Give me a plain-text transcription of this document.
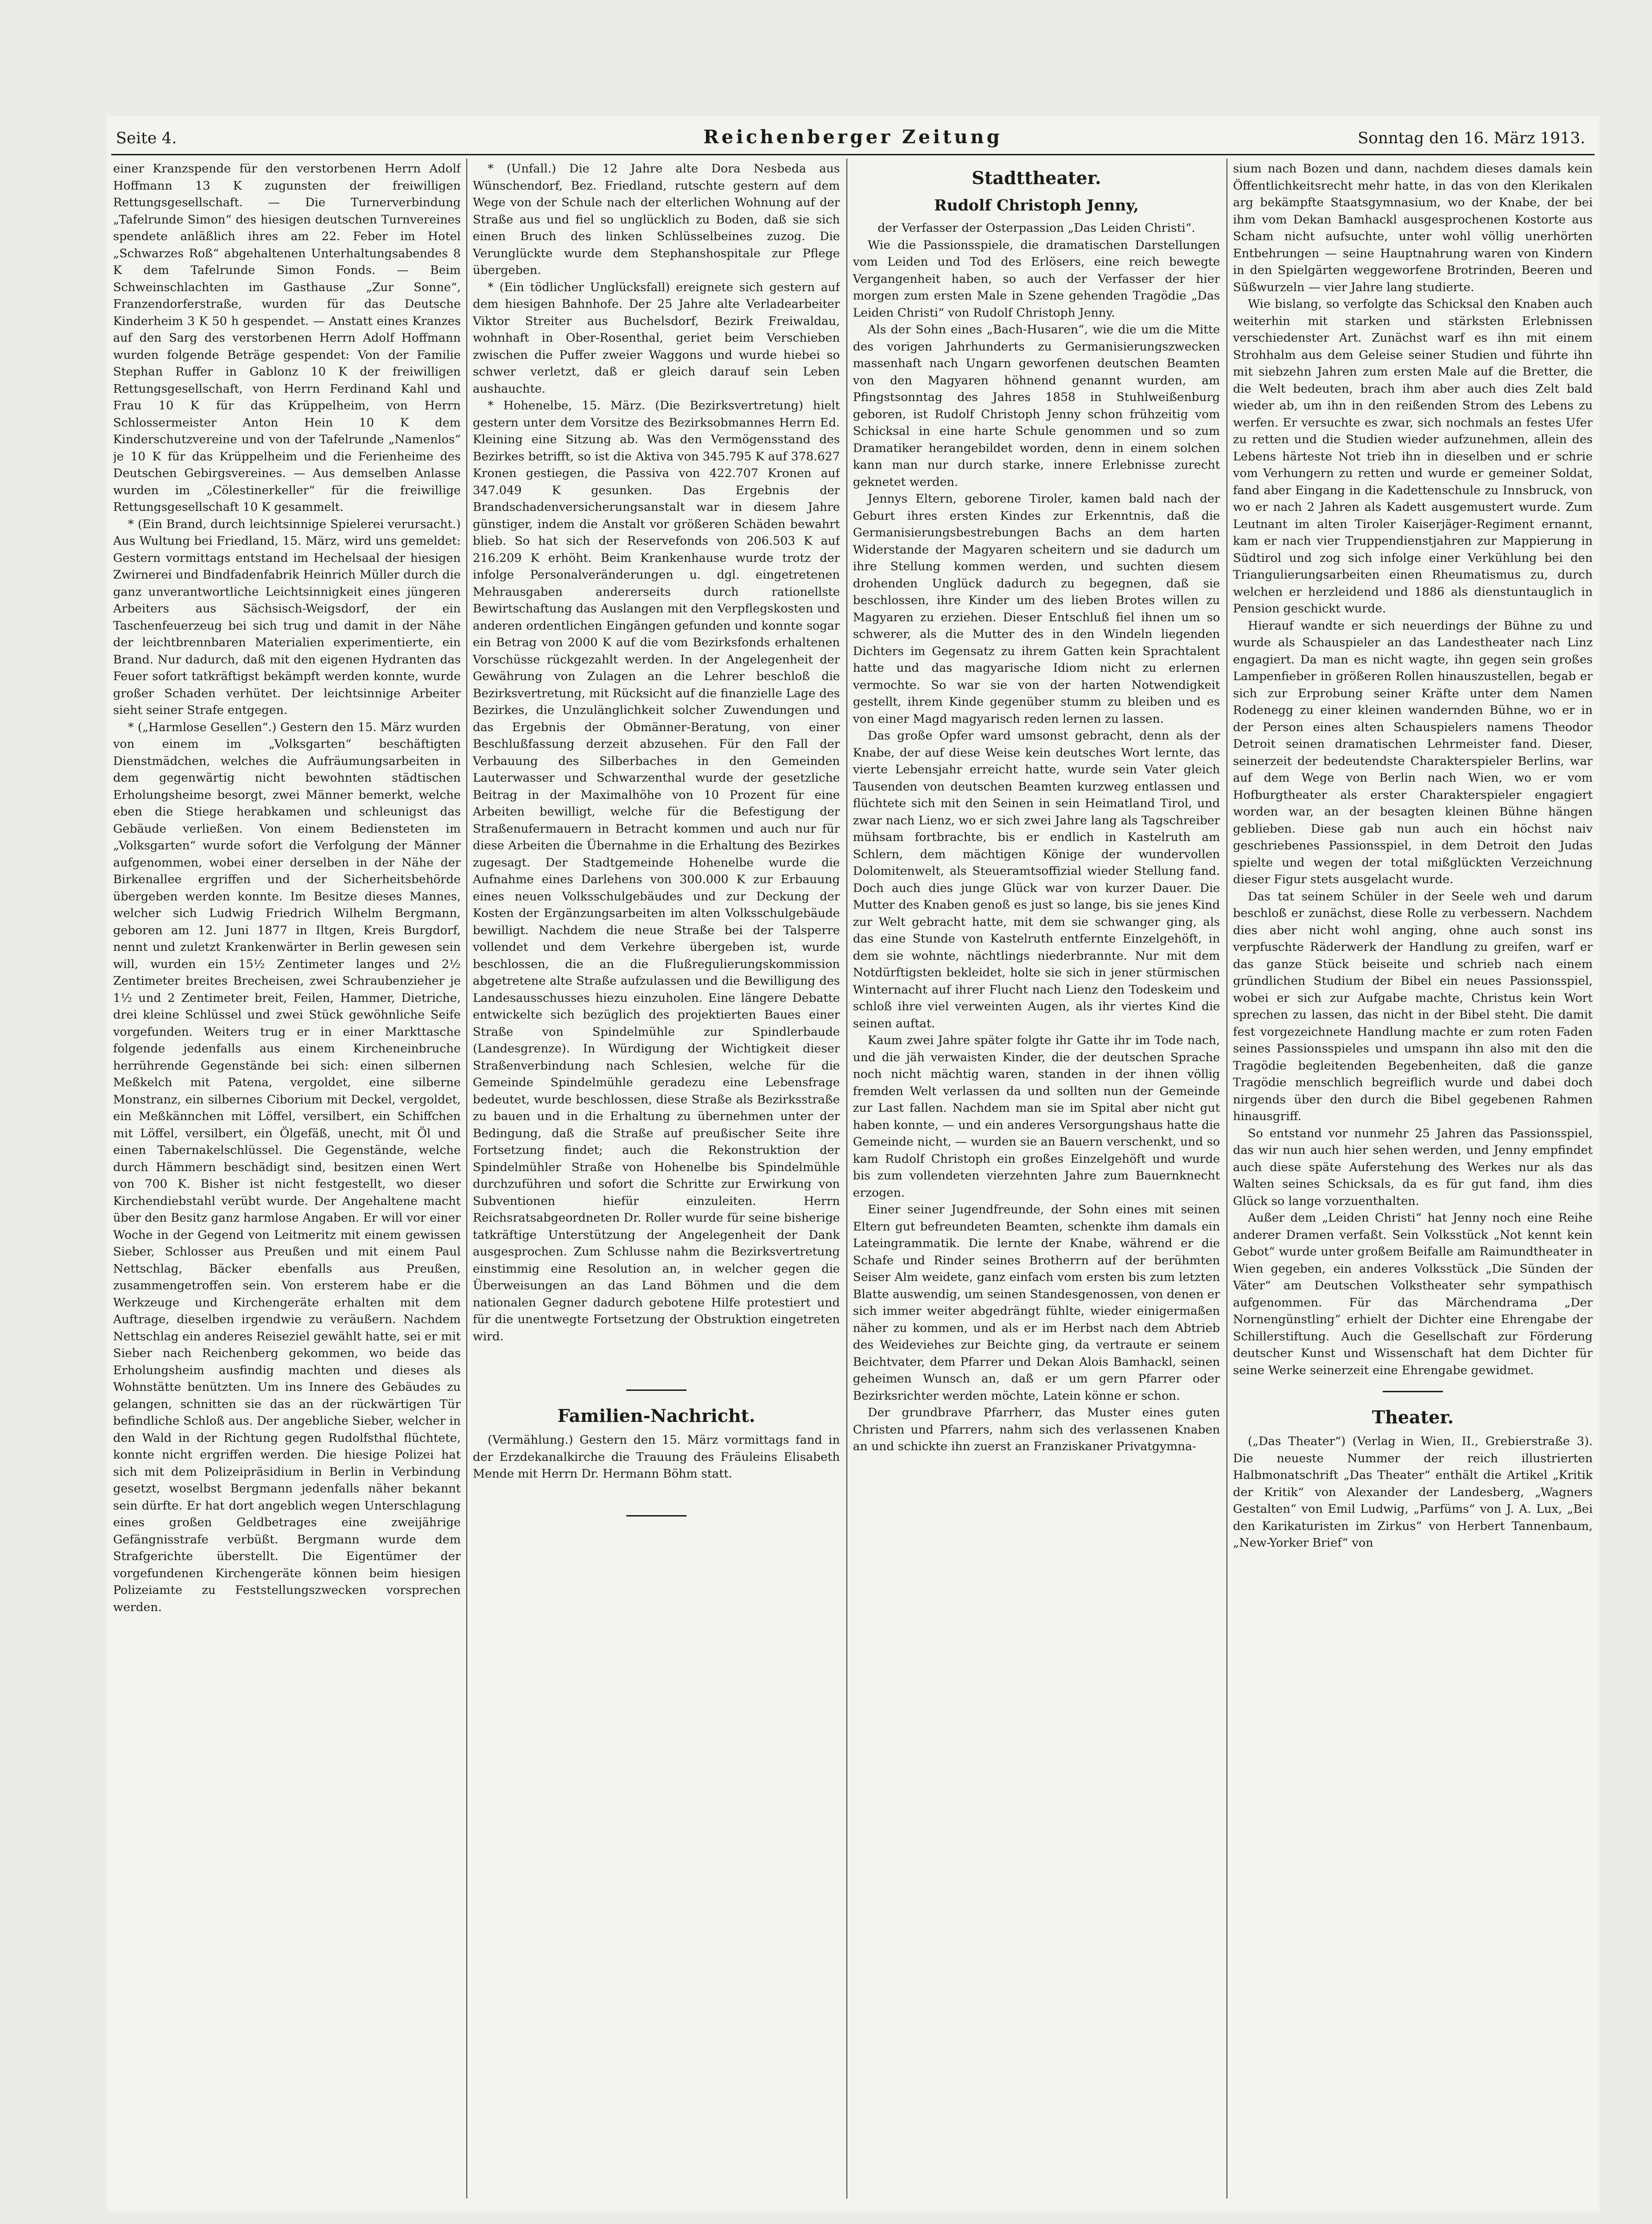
Seite 4.	Reichenberger Zeitung	Sonntag den 16. März 1913.

einer Kranzspende für den verstorbenen Herrn Adolf Hoffmann 13 K zugunsten der freiwilligen Rettungsgesellschaft. — Die Turnerverbindung „Tafelrunde Simon“ des hiesigen deutschen Turnvereines spendete anläßlich ihres am 22. Feber im Hotel „Schwarzes Roß“ abgehaltenen Unterhaltungsabendes 8 K dem Tafelrunde Simon Fonds. — Beim Schweinschlachten im Gasthause „Zur Sonne“, Franzendorferstraße, wurden für das Deutsche Kinderheim 3 K 50 h gespendet. — Anstatt eines Kranzes auf den Sarg des verstorbenen Herrn Adolf Hoffmann wurden folgende Beträge gespendet: Von der Familie Stephan Ruffer in Gablonz 10 K der freiwilligen Rettungsgesellschaft, von Herrn Ferdinand Kahl und Frau 10 K für das Krüppelheim, von Herrn Schlossermeister Anton Hein 10 K dem Kinderschutzvereine und von der Tafelrunde „Namenlos“ je 10 K für das Krüppelheim und die Ferienheime des Deutschen Gebirgsvereines. — Aus demselben Anlasse wurden im „Cölestinerkeller“ für die freiwillige Rettungsgesellschaft 10 K gesammelt.

* (Ein Brand, durch leichtsinnige Spielerei verursacht.) Aus Wultung bei Friedland, 15. März, wird uns gemeldet: Gestern vormittags entstand im Hechelsaal der hiesigen Zwirnerei und Bindfadenfabrik Heinrich Müller durch die ganz unverantwortliche Leichtsinnigkeit eines jüngeren Arbeiters aus Sächsisch-Weigsdorf, der ein Taschenfeuerzeug bei sich trug und damit in der Nähe der leichtbrennbaren Materialien experimentierte, ein Brand. Nur dadurch, daß mit den eigenen Hydranten das Feuer sofort tatkräftigst bekämpft werden konnte, wurde großer Schaden verhütet. Der leichtsinnige Arbeiter sieht seiner Strafe entgegen.

* („Harmlose Gesellen“.) Gestern den 15. März wurden von einem im „Volksgarten“ beschäftigten Dienstmädchen, welches die Aufräumungsarbeiten in dem gegenwärtig nicht bewohnten städtischen Erholungsheime besorgt, zwei Männer bemerkt, welche eben die Stiege herabkamen und schleunigst das Gebäude verließen. Von einem Bediensteten im „Volksgarten“ wurde sofort die Verfolgung der Männer aufgenommen, wobei einer derselben in der Nähe der Birkenallee ergriffen und der Sicherheitsbehörde übergeben werden konnte. Im Besitze dieses Mannes, welcher sich Ludwig Friedrich Wilhelm Bergmann, geboren am 12. Juni 1877 in Iltgen, Kreis Burgdorf, nennt und zuletzt Krankenwärter in Berlin gewesen sein will, wurden ein 15½ Zentimeter langes und 2½ Zentimeter breites Brecheisen, zwei Schraubenzieher je 1½ und 2 Zentimeter breit, Feilen, Hammer, Dietriche, drei kleine Schlüssel und zwei Stück gewöhnliche Seife vorgefunden. Weiters trug er in einer Markttasche folgende jedenfalls aus einem Kircheneinbruche herrührende Gegenstände bei sich: einen silbernen Meßkelch mit Patena, vergoldet, eine silberne Monstranz, ein silbernes Ciborium mit Deckel, vergoldet, ein Meßkännchen mit Löffel, versilbert, ein Schiffchen mit Löffel, versilbert, ein Ölgefäß, unecht, mit Öl und einen Tabernakelschlüssel. Die Gegenstände, welche durch Hämmern beschädigt sind, besitzen einen Wert von 700 K. Bisher ist nicht festgestellt, wo dieser Kirchendiebstahl verübt wurde. Der Angehaltene macht über den Besitz ganz harmlose Angaben. Er will vor einer Woche in der Gegend von Leitmeritz mit einem gewissen Sieber, Schlosser aus Preußen und mit einem Paul Nettschlag, Bäcker ebenfalls aus Preußen, zusammengetroffen sein. Von ersterem habe er die Werkzeuge und Kirchengeräte erhalten mit dem Auftrage, dieselben irgendwie zu veräußern. Nachdem Nettschlag ein anderes Reiseziel gewählt hatte, sei er mit Sieber nach Reichenberg gekommen, wo beide das Erholungsheim ausfindig machten und dieses als Wohnstätte benützten. Um ins Innere des Gebäudes zu gelangen, schnitten sie das an der rückwärtigen Tür befindliche Schloß aus. Der angebliche Sieber, welcher in den Wald in der Richtung gegen Rudolfsthal flüchtete, konnte nicht ergriffen werden. Die hiesige Polizei hat sich mit dem Polizeipräsidium in Berlin in Verbindung gesetzt, woselbst Bergmann jedenfalls näher bekannt sein dürfte. Er hat dort angeblich wegen Unterschlagung eines großen Geldbetrages eine zweijährige Gefängnisstrafe verbüßt. Bergmann wurde dem Strafgerichte überstellt. Die Eigentümer der vorgefundenen Kirchengeräte können beim hiesigen Polizeiamte zu Feststellungszwecken vorsprechen werden.

* (Unfall.) Die 12 Jahre alte Dora Nesbeda aus Wünschendorf, Bez. Friedland, rutschte gestern auf dem Wege von der Schule nach der elterlichen Wohnung auf der Straße aus und fiel so unglücklich zu Boden, daß sie sich einen Bruch des linken Schlüsselbeines zuzog. Die Verunglückte wurde dem Stephanshospitale zur Pflege übergeben.

* (Ein tödlicher Unglücksfall) ereignete sich gestern auf dem hiesigen Bahnhofe. Der 25 Jahre alte Verladearbeiter Viktor Streiter aus Buchelsdorf, Bezirk Freiwaldau, wohnhaft in Ober-Rosenthal, geriet beim Verschieben zwischen die Puffer zweier Waggons und wurde hiebei so schwer verletzt, daß er gleich darauf sein Leben aushauchte.

* Hohenelbe, 15. März. (Die Bezirksvertretung) hielt gestern unter dem Vorsitze des Bezirksobmannes Herrn Ed. Kleining eine Sitzung ab. Was den Vermögensstand des Bezirkes betrifft, so ist die Aktiva von 345.795 K auf 378.627 Kronen gestiegen, die Passiva von 422.707 Kronen auf 347.049 K gesunken. Das Ergebnis der Brandschadenversicherungsanstalt war in diesem Jahre günstiger, indem die Anstalt vor größeren Schäden bewahrt blieb. So hat sich der Reservefonds von 206.503 K auf 216.209 K erhöht. Beim Krankenhause wurde trotz der infolge Personalveränderungen u. dgl. eingetretenen Mehrausgaben andererseits durch rationellste Bewirtschaftung das Auslangen mit den Verpflegskosten und anderen ordentlichen Eingängen gefunden und konnte sogar ein Betrag von 2000 K auf die vom Bezirksfonds erhaltenen Vorschüsse rückgezahlt werden. In der Angelegenheit der Gewährung von Zulagen an die Lehrer beschloß die Bezirksvertretung, mit Rücksicht auf die finanzielle Lage des Bezirkes, die Unzulänglichkeit solcher Zuwendungen und das Ergebnis der Obmänner-Beratung, von einer Beschlußfassung derzeit abzusehen. Für den Fall der Verbauung des Silberbaches in den Gemeinden Lauterwasser und Schwarzenthal wurde der gesetzliche Beitrag in der Maximalhöhe von 10 Prozent für eine Arbeiten bewilligt, welche für die Befestigung der Straßenufermauern in Betracht kommen und auch nur für diese Arbeiten die Übernahme in die Erhaltung des Bezirkes zugesagt. Der Stadtgemeinde Hohenelbe wurde die Aufnahme eines Darlehens von 300.000 K zur Erbauung eines neuen Volksschulgebäudes und zur Deckung der Kosten der Ergänzungsarbeiten im alten Volksschulgebäude bewilligt. Nachdem die neue Straße bei der Talsperre vollendet und dem Verkehre übergeben ist, wurde beschlossen, die an die Flußregulierungskommission abgetretene alte Straße aufzulassen und die Bewilligung des Landesausschusses hiezu einzuholen. Eine längere Debatte entwickelte sich bezüglich des projektierten Baues einer Straße von Spindelmühle zur Spindlerbaude (Landesgrenze). In Würdigung der Wichtigkeit dieser Straßenverbindung nach Schlesien, welche für die Gemeinde Spindelmühle geradezu eine Lebensfrage bedeutet, wurde beschlossen, diese Straße als Bezirksstraße zu bauen und in die Erhaltung zu übernehmen unter der Bedingung, daß die Straße auf preußischer Seite ihre Fortsetzung findet; auch die Rekonstruktion der Spindelmühler Straße von Hohenelbe bis Spindelmühle durchzuführen und sofort die Schritte zur Erwirkung von Subventionen hiefür einzuleiten. Herrn Reichsratsabgeordneten Dr. Roller wurde für seine bisherige tatkräftige Unterstützung der Angelegenheit der Dank ausgesprochen. Zum Schlusse nahm die Bezirksvertretung einstimmig eine Resolution an, in welcher gegen die Überweisungen an das Land Böhmen und die dem nationalen Gegner dadurch gebotene Hilfe protestiert und für die unentwegte Fortsetzung der Obstruktion eingetreten wird.

Familien-Nachricht.

(Vermählung.) Gestern den 15. März vormittags fand in der Erzdekanalkirche die Trauung des Fräuleins Elisabeth Mende mit Herrn Dr. Hermann Böhm statt.

Stadttheater.

Rudolf Christoph Jenny,

der Verfasser der Osterpassion „Das Leiden Christi“.

Wie die Passionsspiele, die dramatischen Darstellungen vom Leiden und Tod des Erlösers, eine reich bewegte Vergangenheit haben, so auch der Verfasser der hier morgen zum ersten Male in Szene gehenden Tragödie „Das Leiden Christi“ von Rudolf Christoph Jenny.

Als der Sohn eines „Bach-Husaren“, wie die um die Mitte des vorigen Jahrhunderts zu Germanisierungszwecken massenhaft nach Ungarn geworfenen deutschen Beamten von den Magyaren höhnend genannt wurden, am Pfingstsonntag des Jahres 1858 in Stuhlweißenburg geboren, ist Rudolf Christoph Jenny schon frühzeitig vom Schicksal in eine harte Schule genommen und so zum Dramatiker herangebildet worden, denn in einem solchen kann man nur durch starke, innere Erlebnisse zurecht geknetet werden.

Jennys Eltern, geborene Tiroler, kamen bald nach der Geburt ihres ersten Kindes zur Erkenntnis, daß die Germanisierungsbestrebungen Bachs an dem harten Widerstande der Magyaren scheitern und sie dadurch um ihre Stellung kommen werden, und suchten diesem drohenden Unglück dadurch zu begegnen, daß sie beschlossen, ihre Kinder um des lieben Brotes willen zu Magyaren zu erziehen. Dieser Entschluß fiel ihnen um so schwerer, als die Mutter des in den Windeln liegenden Dichters im Gegensatz zu ihrem Gatten kein Sprachtalent hatte und das magyarische Idiom nicht zu erlernen vermochte. So war sie von der harten Notwendigkeit gestellt, ihrem Kinde gegenüber stumm zu bleiben und es von einer Magd magyarisch reden lernen zu lassen.

Das große Opfer ward umsonst gebracht, denn als der Knabe, der auf diese Weise kein deutsches Wort lernte, das vierte Lebensjahr erreicht hatte, wurde sein Vater gleich Tausenden von deutschen Beamten kurzweg entlassen und flüchtete sich mit den Seinen in sein Heimatland Tirol, und zwar nach Lienz, wo er sich zwei Jahre lang als Tagschreiber mühsam fortbrachte, bis er endlich in Kastelruth am Schlern, dem mächtigen Könige der wundervollen Dolomitenwelt, als Steueramtsoffizial wieder Stellung fand. Doch auch dies junge Glück war von kurzer Dauer. Die Mutter des Knaben genoß es just so lange, bis sie jenes Kind zur Welt gebracht hatte, mit dem sie schwanger ging, als das eine Stunde von Kastelruth entfernte Einzelgehöft, in dem sie wohnte, nächtlings niederbrannte. Nur mit dem Notdürftigsten bekleidet, holte sie sich in jener stürmischen Winternacht auf ihrer Flucht nach Lienz den Todeskeim und schloß ihre viel verweinten Augen, als ihr viertes Kind die seinen auftat.

Kaum zwei Jahre später folgte ihr Gatte ihr im Tode nach, und die jäh verwaisten Kinder, die der deutschen Sprache noch nicht mächtig waren, standen in der ihnen völlig fremden Welt verlassen da und sollten nun der Gemeinde zur Last fallen. Nachdem man sie im Spital aber nicht gut haben konnte, — und ein anderes Versorgungshaus hatte die Gemeinde nicht, — wurden sie an Bauern verschenkt, und so kam Rudolf Christoph ein großes Einzelgehöft und wurde bis zum vollendeten vierzehnten Jahre zum Bauernknecht erzogen.

Einer seiner Jugendfreunde, der Sohn eines mit seinen Eltern gut befreundeten Beamten, schenkte ihm damals ein Lateingrammatik. Die lernte der Knabe, während er die Schafe und Rinder seines Brotherrn auf der berühmten Seiser Alm weidete, ganz einfach vom ersten bis zum letzten Blatte auswendig, um seinen Standesgenossen, von denen er sich immer weiter abgedrängt fühlte, wieder einigermaßen näher zu kommen, und als er im Herbst nach dem Abtrieb des Weideviehes zur Beichte ging, da vertraute er seinem Beichtvater, dem Pfarrer und Dekan Alois Bamhackl, seinen geheimen Wunsch an, daß er um gern Pfarrer oder Bezirksrichter werden möchte, Latein könne er schon.

Der grundbrave Pfarrherr, das Muster eines guten Christen und Pfarrers, nahm sich des verlassenen Knaben an und schickte ihn zuerst an Franziskaner Privatgymna-

sium nach Bozen und dann, nachdem dieses damals kein Öffentlichkeitsrecht mehr hatte, in das von den Klerikalen arg bekämpfte Staatsgymnasium, wo der Knabe, der bei ihm vom Dekan Bamhackl ausgesprochenen Kostorte aus Scham nicht aufsuchte, unter wohl völlig unerhörten Entbehrungen — seine Hauptnahrung waren von Kindern in den Spielgärten weggeworfene Brotrinden, Beeren und Süßwurzeln — vier Jahre lang studierte.

Wie bislang, so verfolgte das Schicksal den Knaben auch weiterhin mit starken und stärksten Erlebnissen verschiedenster Art. Zunächst warf es ihn mit einem Strohhalm aus dem Geleise seiner Studien und führte ihn mit siebzehn Jahren zum ersten Male auf die Bretter, die die Welt bedeuten, brach ihm aber auch dies Zelt bald wieder ab, um ihn in den reißenden Strom des Lebens zu werfen. Er versuchte es zwar, sich nochmals an festes Ufer zu retten und die Studien wieder aufzunehmen, allein des Lebens härteste Not trieb ihn in dieselben und er schrie vom Verhungern zu retten und wurde er gemeiner Soldat, fand aber Eingang in die Kadettenschule zu Innsbruck, von wo er nach 2 Jahren als Kadett ausgemustert wurde. Zum Leutnant im alten Tiroler Kaiserjäger-Regiment ernannt, kam er nach vier Truppendienstjahren zur Mappierung in Südtirol und zog sich infolge einer Verkühlung bei den Triangulierungsarbeiten einen Rheumatismus zu, durch welchen er herzleidend und 1886 als dienstuntauglich in Pension geschickt wurde.

Hierauf wandte er sich neuerdings der Bühne zu und wurde als Schauspieler an das Landestheater nach Linz engagiert. Da man es nicht wagte, ihn gegen sein großes Lampenfieber in größeren Rollen hinauszustellen, begab er sich zur Erprobung seiner Kräfte unter dem Namen Rodenegg zu einer kleinen wandernden Bühne, wo er in der Person eines alten Schauspielers namens Theodor Detroit seinen dramatischen Lehrmeister fand. Dieser, seinerzeit der bedeutendste Charakterspieler Berlins, war auf dem Wege von Berlin nach Wien, wo er vom Hofburgtheater als erster Charakterspieler engagiert worden war, an der besagten kleinen Bühne hängen geblieben. Diese gab nun auch ein höchst naiv geschriebenes Passionsspiel, in dem Detroit den Judas spielte und wegen der total mißglückten Verzeichnung dieser Figur stets ausgelacht wurde.

Das tat seinem Schüler in der Seele weh und darum beschloß er zunächst, diese Rolle zu verbessern. Nachdem dies aber nicht wohl anging, ohne auch sonst ins verpfuschte Räderwerk der Handlung zu greifen, warf er das ganze Stück beiseite und schrieb nach einem gründlichen Studium der Bibel ein neues Passionsspiel, wobei er sich zur Aufgabe machte, Christus kein Wort sprechen zu lassen, das nicht in der Bibel steht. Die damit fest vorgezeichnete Handlung machte er zum roten Faden seines Passionsspieles und umspann ihn also mit den die Tragödie begleitenden Begebenheiten, daß die ganze Tragödie menschlich begreiflich wurde und dabei doch nirgends über den durch die Bibel gegebenen Rahmen hinausgriff.

So entstand vor nunmehr 25 Jahren das Passionsspiel, das wir nun auch hier sehen werden, und Jenny empfindet auch diese späte Auferstehung des Werkes nur als das Walten seines Schicksals, da es für gut fand, ihm dies Glück so lange vorzuenthalten.

Außer dem „Leiden Christi“ hat Jenny noch eine Reihe anderer Dramen verfaßt. Sein Volksstück „Not kennt kein Gebot“ wurde unter großem Beifalle am Raimundtheater in Wien gegeben, ein anderes Volksstück „Die Sünden der Väter“ am Deutschen Volkstheater sehr sympathisch aufgenommen. Für das Märchendrama „Der Nornengünstling“ erhielt der Dichter eine Ehrengabe der Schillerstiftung. Auch die Gesellschaft zur Förderung deutscher Kunst und Wissenschaft hat dem Dichter für seine Werke seinerzeit eine Ehrengabe gewidmet.

Theater.

(„Das Theater“) (Verlag in Wien, II., Grebierstraße 3). Die neueste Nummer der reich illustrierten Halbmonatschrift „Das Theater“ enthält die Artikel „Kritik der Kritik“ von Alexander der Landesberg, „Wagners Gestalten“ von Emil Ludwig, „Parfüms“ von J. A. Lux, „Bei den Karikaturisten im Zirkus“ von Herbert Tannenbaum, „New-Yorker Brief“ von
